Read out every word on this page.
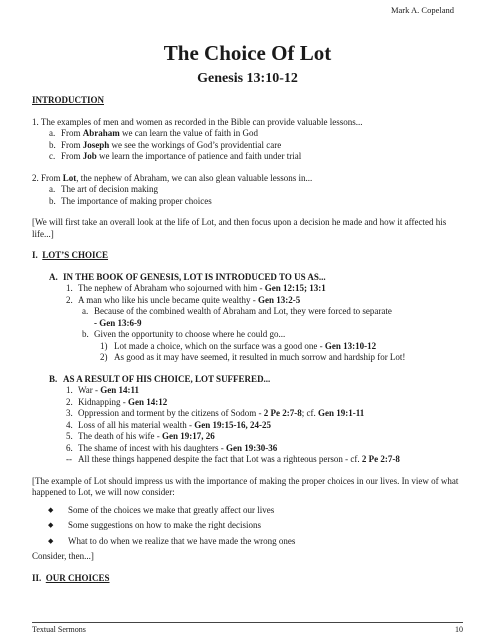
Mark A. Copeland
The Choice Of Lot
Genesis 13:10-12
INTRODUCTION
1. The examples of men and women as recorded in the Bible can provide valuable lessons...
a. From Abraham we can learn the value of faith in God
b. From Joseph we see the workings of God’s providential care
c. From Job we learn the importance of patience and faith under trial
2. From Lot, the nephew of Abraham, we can also glean valuable lessons in...
a. The art of decision making
b. The importance of making proper choices
[We will first take an overall look at the life of Lot, and then focus upon a decision he made and how it affected his life...]
I. LOT’S CHOICE
A. IN THE BOOK OF GENESIS, LOT IS INTRODUCED TO US AS...
1. The nephew of Abraham who sojourned with him - Gen 12:15; 13:1
2. A man who like his uncle became quite wealthy - Gen 13:2-5
a. Because of the combined wealth of Abraham and Lot, they were forced to separate
- Gen 13:6-9
b. Given the opportunity to choose where he could go...
1) Lot made a choice, which on the surface was a good one - Gen 13:10-12
2) As good as it may have seemed, it resulted in much sorrow and hardship for Lot!
B. AS A RESULT OF HIS CHOICE, LOT SUFFERED...
1. War - Gen 14:11
2. Kidnapping - Gen 14:12
3. Oppression and torment by the citizens of Sodom - 2 Pe 2:7-8; cf. Gen 19:1-11
4. Loss of all his material wealth - Gen 19:15-16, 24-25
5. The death of his wife - Gen 19:17, 26
6. The shame of incest with his daughters - Gen 19:30-36
-- All these things happened despite the fact that Lot was a righteous person - cf. 2 Pe 2:7-8
[The example of Lot should impress us with the importance of making the proper choices in our lives. In view of what happened to Lot, we will now consider:
◆	Some of the choices we make that greatly affect our lives
◆	Some suggestions on how to make the right decisions
◆	What to do when we realize that we have made the wrong ones
Consider, then...]
II. OUR CHOICES
Textual Sermons	10
